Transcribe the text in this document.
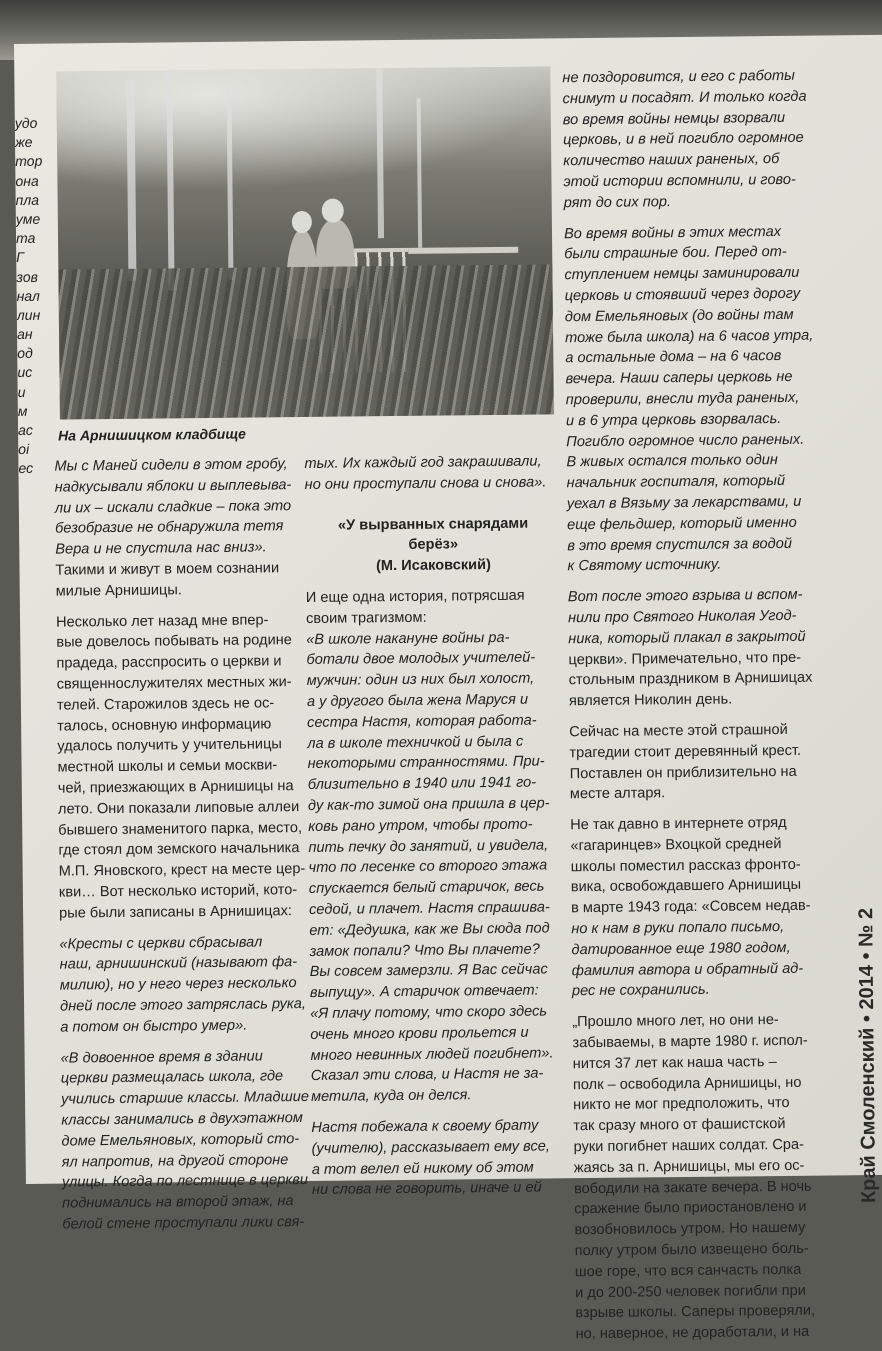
удо
же
тор
она
пла
уме
та
Г
зов
нал
лин
ан
од
ис
и
м
ас
оі
ес
На Арнишицком кладбище
Мы с Маней сидели в этом гробу,
надкусывали яблоки и выплевыва-
ли их – искали сладкие – пока это
безобразие не обнаружила тетя
Вера и не спустила нас вниз».
Такими и живут в моем сознании
милые Арнишицы.
Несколько лет назад мне впер-
вые довелось побывать на родине
прадеда, расспросить о церкви и
священнослужителях местных жи-
телей. Старожилов здесь не ос-
талось, основную информацию
удалось получить у учительницы
местной школы и семьи москви-
чей, приезжающих в Арнишицы на
лето. Они показали липовые аллеи
бывшего знаменитого парка, место,
где стоял дом земского начальника
М.П. Яновского, крест на месте цер-
кви… Вот несколько историй, кото-
рые были записаны в Арнишицах:
«Кресты с церкви сбрасывал
наш, арнишинский (называют фа-
милию), но у него через несколько
дней после этого затряслась рука,
а потом он быстро умер».
«В довоенное время в здании
церкви размещалась школа, где
учились старшие классы. Младшие
классы занимались в двухэтажном
доме Емельяновых, который сто-
ял напротив, на другой стороне
улицы. Когда по лестнице в церкви
поднимались на второй этаж, на
белой стене проступали лики свя-
тых. Их каждый год закрашивали,
но они проступали снова и снова».
«У вырванных снарядами
берёз»
(М. Исаковский)
И еще одна история, потрясшая
своим трагизмом:
«В школе накануне войны ра-
ботали двое молодых учителей-
мужчин: один из них был холост,
а у другого была жена Маруся и
сестра Настя, которая работа-
ла в школе техничкой и была с
некоторыми странностями. При-
близительно в 1940 или 1941 го-
ду как-то зимой она пришла в цер-
ковь рано утром, чтобы прото-
пить печку до занятий, и увидела,
что по лесенке со второго этажа
спускается белый старичок, весь
седой, и плачет. Настя спрашива-
ет: «Дедушка, как же Вы сюда под
замок попали? Что Вы плачете?
Вы совсем замерзли. Я Вас сейчас
выпущу». А старичок отвечает:
«Я плачу потому, что скоро здесь
очень много крови прольется и
много невинных людей погибнет».
Сказал эти слова, и Настя не за-
метила, куда он делся.
Настя побежала к своему брату
(учителю), рассказывает ему все,
а тот велел ей никому об этом
ни слова не говорить, иначе и ей
не поздоровится, и его с работы
снимут и посадят. И только когда
во время войны немцы взорвали
церковь, и в ней погибло огромное
количество наших раненых, об
этой истории вспомнили, и гово-
рят до сих пор.
Во время войны в этих местах
были страшные бои. Перед от-
ступлением немцы заминировали
церковь и стоявший через дорогу
дом Емельяновых (до войны там
тоже была школа) на 6 часов утра,
а остальные дома – на 6 часов
вечера. Наши саперы церковь не
проверили, внесли туда раненых,
и в 6 утра церковь взорвалась.
Погибло огромное число раненых.
В живых остался только один
начальник госпиталя, который
уехал в Вязьму за лекарствами, и
еще фельдшер, который именно
в это время спустился за водой
к Святому источнику.
Вот после этого взрыва и вспом-
нили про Святого Николая Угод-
ника, который плакал в закрытой
церкви». Примечательно, что пре-
стольным праздником в Арнишицах
является Николин день.
Сейчас на месте этой страшной
трагедии стоит деревянный крест.
Поставлен он приблизительно на
месте алтаря.
Не так давно в интернете отряд
«гагаринцев» Вхоцкой средней
школы поместил рассказ фронто-
вика, освобождавшего Арнишицы
в марте 1943 года: «Совсем недав-
но к нам в руки попало письмо,
датированное еще 1980 годом,
фамилия автора и обратный ад-
рес не сохранились.
„Прошло много лет, но они не-
забываемы, в марте 1980 г. испол-
нится 37 лет как наша часть –
полк – освободила Арнишицы, но
никто не мог предположить, что
так сразу много от фашистской
руки погибнет наших солдат. Сра-
жаясь за п. Арнишицы, мы его ос-
вободили на закате вечера. В ночь
сражение было приостановлено и
возобновилось утром. Но нашему
полку утром было извещено боль-
шое горе, что вся санчасть полка
и до 200-250 человек погибли при
взрыве школы. Саперы проверяли,
но, наверное, не доработали, и на
Край Смоленский • 2014 • № 2
